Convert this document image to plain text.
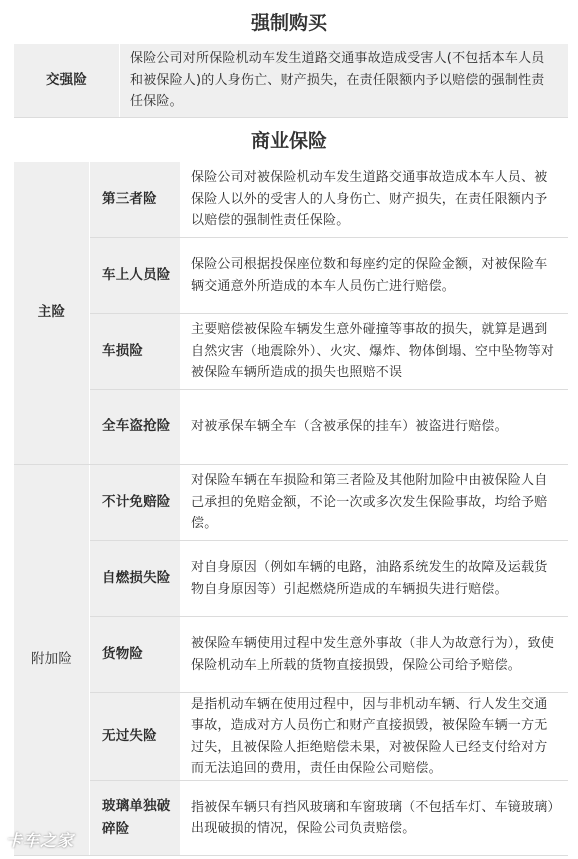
强制购买
交强险
保险公司对所保险机动车发生道路交通事故造成受害人(不包括本车人员和被保险人)的人身伤亡、财产损失，在责任限额内予以赔偿的强制性责任保险。
商业保险
主险
第三者险
保险公司对被保险机动车发生道路交通事故造成本车人员、被保险人以外的受害人的人身伤亡、财产损失，在责任限额内予以赔偿的强制性责任保险。
车上人员险
保险公司根据投保座位数和每座约定的保险金额，对被保险车辆交通意外所造成的本车人员伤亡进行赔偿。
车损险
主要赔偿被保险车辆发生意外碰撞等事故的损失，就算是遇到自然灾害（地震除外）、火灾、爆炸、物体倒塌、空中坠物等对被保险车辆所造成的损失也照赔不误
全车盗抢险 对被承保车辆全车（含被承保的挂车）被盗进行赔偿。
附加险
不计免赔险
对保险车辆在车损险和第三者险及其他附加险中由被保险人自己承担的免赔金额，不论一次或多次发生保险事故，均给予赔偿。
自燃损失险
对自身原因（例如车辆的电路，油路系统发生的故障及运载货物自身原因等）引起燃烧所造成的车辆损失进行赔偿。
货物险
被保险车辆使用过程中发生意外事故（非人为故意行为），致使保险机动车上所载的货物直接损毁，保险公司给予赔偿。
无过失险
是指机动车辆在使用过程中，因与非机动车辆、行人发生交通事故，造成对方人员伤亡和财产直接损毁，被保险车辆一方无过失，且被保险人拒绝赔偿未果，对被保险人已经支付给对方而无法追回的费用，责任由保险公司赔偿。
玻璃单独破碎险
指被保车辆只有挡风玻璃和车窗玻璃（不包括车灯、车镜玻璃）出现破损的情况，保险公司负责赔偿。
卡车之家
